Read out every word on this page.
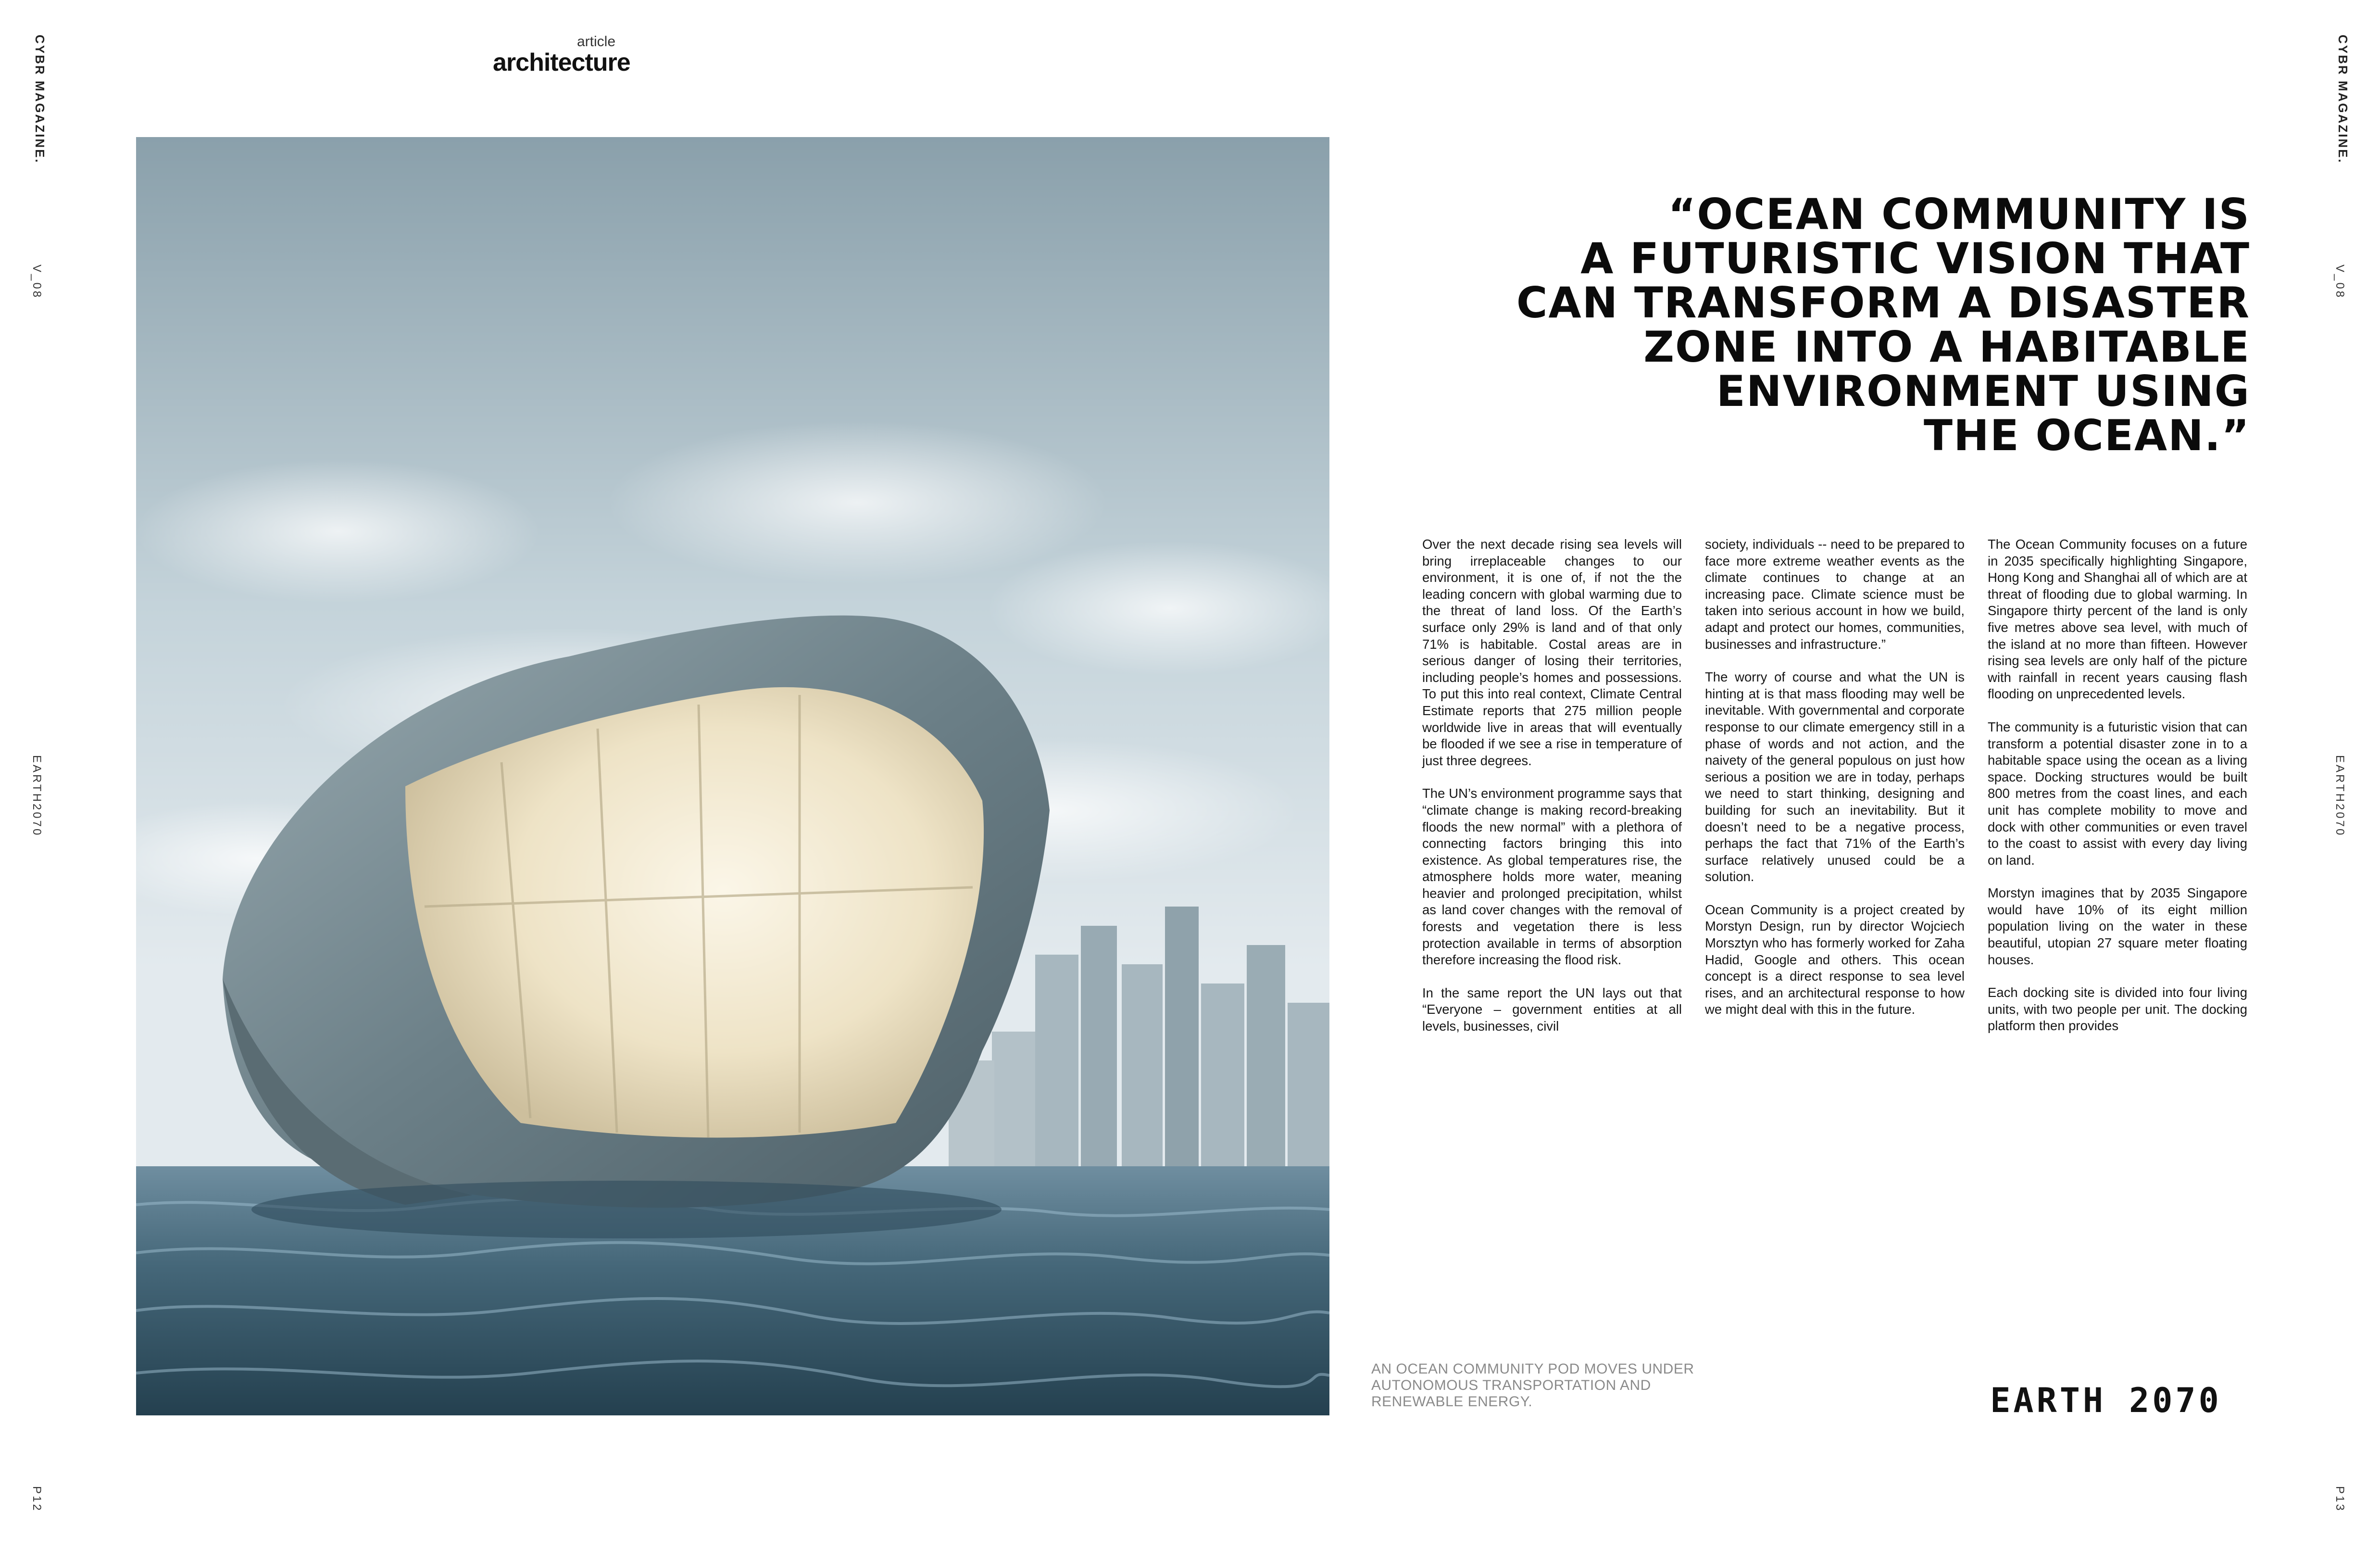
CYBR MAGAZINE.
V_08
EARTH2070
P12
CYBR MAGAZINE.
V_08
EARTH2070
P13
article
architecture
“OCEAN COMMUNITY IS
A FUTURISTIC VISION THAT
CAN TRANSFORM A DISASTER
ZONE INTO A HABITABLE
ENVIRONMENT USING
THE OCEAN.”

Over the next decade rising sea levels will bring irreplaceable changes to our environment, it is one of, if not the the leading concern with global warming due to the threat of land loss. Of the Earth’s surface only 29% is land and of that only 71% is habitable. Costal areas are in serious danger of losing their territories, including people’s homes and possessions. To put this into real context, Climate Central Estimate reports that 275 million people worldwide live in areas that will eventually be flooded if we see a rise in temperature of just three degrees.

The UN’s environment programme says that “climate change is making record-breaking floods the new normal” with a plethora of connecting factors bringing this into existence. As global temperatures rise, the atmosphere holds more water, meaning heavier and prolonged precipitation, whilst as land cover changes with the removal of forests and vegetation there is less protection available in terms of absorption therefore increasing the flood risk.

In the same report the UN lays out that “Everyone – government entities at all levels, businesses, civil

society, individuals -- need to be prepared to face more extreme weather events as the climate continues to change at an increasing pace. Climate science must be taken into serious account in how we build, adapt and protect our homes, communities, businesses and infrastructure.”

The worry of course and what the UN is hinting at is that mass flooding may well be inevitable. With governmental and corporate response to our climate emergency still in a phase of words and not action, and the naivety of the general populous on just how serious a position we are in today, perhaps we need to start thinking, designing and building for such an inevitability. But it doesn’t need to be a negative process, perhaps the fact that 71% of the Earth’s surface relatively unused could be a solution.

Ocean Community is a project created by Morstyn Design, run by director Wojciech Morsztyn who has formerly worked for Zaha Hadid, Google and others. This ocean concept is a direct response to sea level rises, and an architectural response to how we might deal with this in the future.

The Ocean Community focuses on a future in 2035 specifically highlighting Singapore, Hong Kong and Shanghai all of which are at threat of flooding due to global warming. In Singapore thirty percent of the land is only five metres above sea level, with much of the island at no more than fifteen. However rising sea levels are only half of the picture with rainfall in recent years causing flash flooding on unprecedented levels.

The community is a futuristic vision that can transform a potential disaster zone in to a habitable space using the ocean as a living space. Docking structures would be built 800 metres from the coast lines, and each unit has complete mobility to move and dock with other communities or even travel to the coast to assist with every day living on land.

Morstyn imagines that by 2035 Singapore would have 10% of its eight million population living on the water in these beautiful, utopian 27 square meter floating houses.

Each docking site is divided into four living units, with two people per unit. The docking platform then provides

AN OCEAN COMMUNITY POD MOVES UNDER AUTONOMOUS TRANSPORTATION AND RENEWABLE ENERGY.	EARTH 2070
